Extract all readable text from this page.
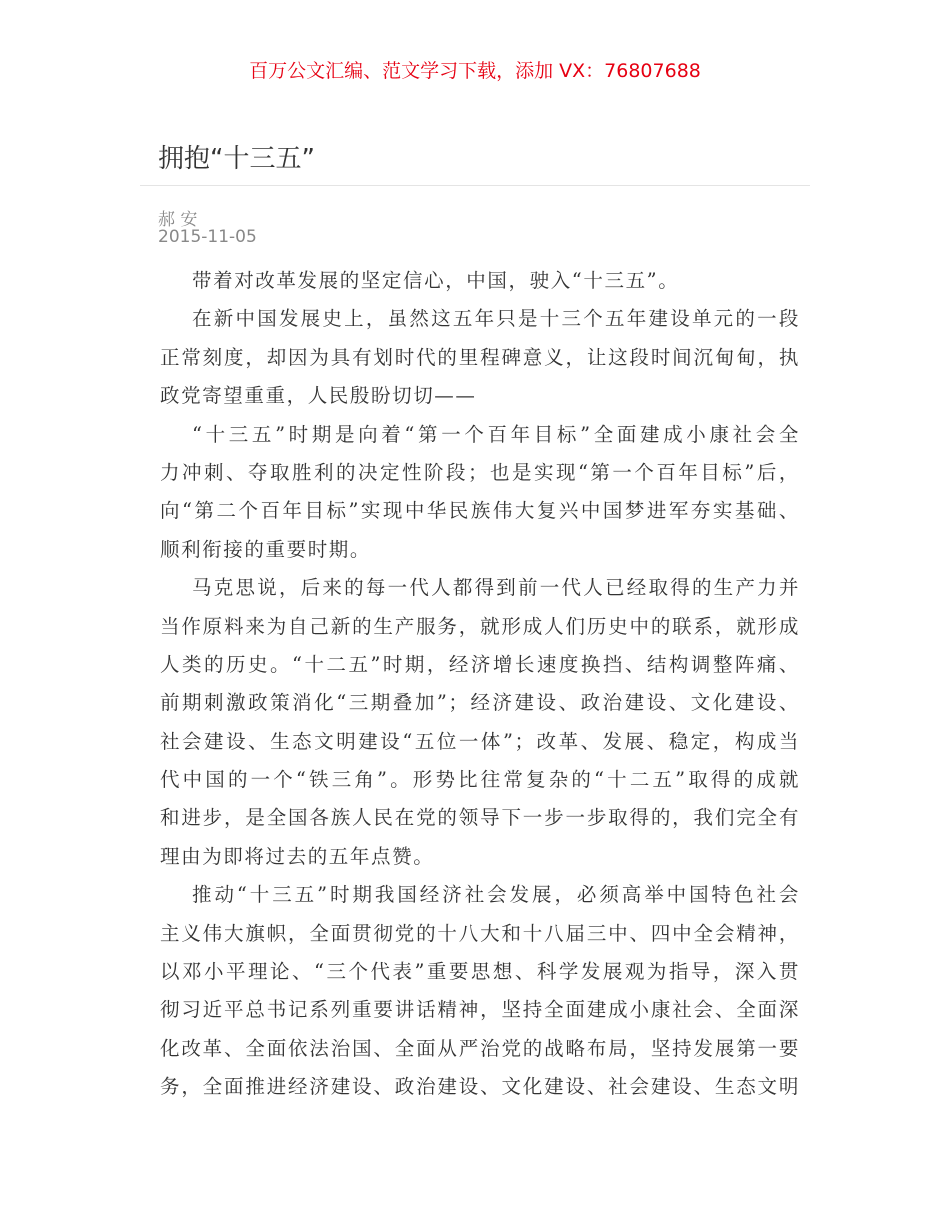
百万公文汇编、范文学习下载，添加 VX：76807688
拥抱“十三五”
郝 安
2015-11-05

带着对改革发展的坚定信心，中国，驶入“十三五”。

在新中国发展史上，虽然这五年只是十三个五年建设单元的一段
正常刻度，却因为具有划时代的里程碑意义，让这段时间沉甸甸，执
政党寄望重重，人民殷盼切切——

“十三五”时期是向着“第一个百年目标”全面建成小康社会全
力冲刺、夺取胜利的决定性阶段；也是实现“第一个百年目标”后，
向“第二个百年目标”实现中华民族伟大复兴中国梦进军夯实基础、
顺利衔接的重要时期。

马克思说，后来的每一代人都得到前一代人已经取得的生产力并
当作原料来为自己新的生产服务，就形成人们历史中的联系，就形成
人类的历史。“十二五”时期，经济增长速度换挡、结构调整阵痛、
前期刺激政策消化“三期叠加”；经济建设、政治建设、文化建设、
社会建设、生态文明建设“五位一体”；改革、发展、稳定，构成当
代中国的一个“铁三角”。形势比往常复杂的“十二五”取得的成就
和进步，是全国各族人民在党的领导下一步一步取得的，我们完全有
理由为即将过去的五年点赞。

推动“十三五”时期我国经济社会发展，必须高举中国特色社会
主义伟大旗帜，全面贯彻党的十八大和十八届三中、四中全会精神，
以邓小平理论、“三个代表”重要思想、科学发展观为指导，深入贯
彻习近平总书记系列重要讲话精神，坚持全面建成小康社会、全面深
化改革、全面依法治国、全面从严治党的战略布局，坚持发展第一要
务，全面推进经济建设、政治建设、文化建设、社会建设、生态文明
